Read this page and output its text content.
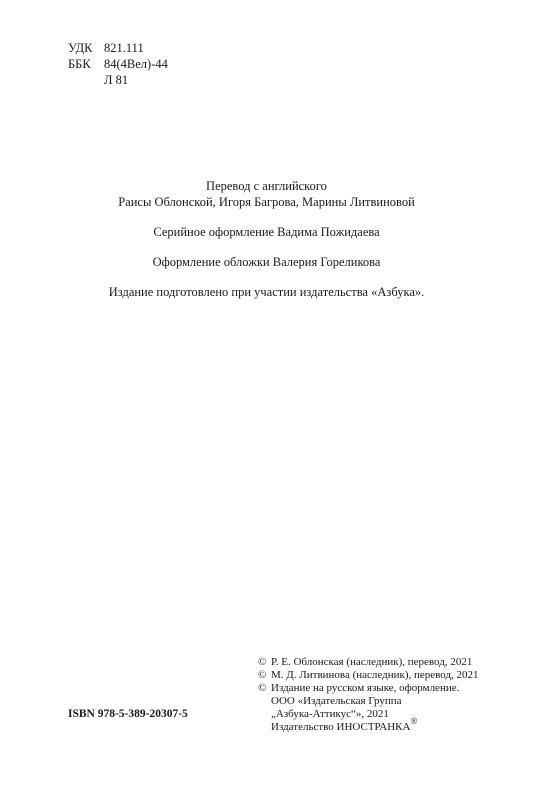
УДК 821.111
ББК 84(4Вел)-44
Л 81

Перевод с английского

Раисы Облонской, Игоря Багрова, Марины Литвиновой

Серийное оформление Вадима Пожидаева

Оформление обложки Валерия Гореликова

Издание подготовлено при участии издательства «Азбука».

© Р. Е. Облонская (наследник), перевод, 2021
© М. Д. Литвинова (наследник), перевод, 2021
© Издание на русском языке, оформление.
ООО «Издательская Группа
„Азбука-Аттикус“», 2021
Издательство ИНОСТРАНКА ®
ISBN 978-5-389-20307-5
